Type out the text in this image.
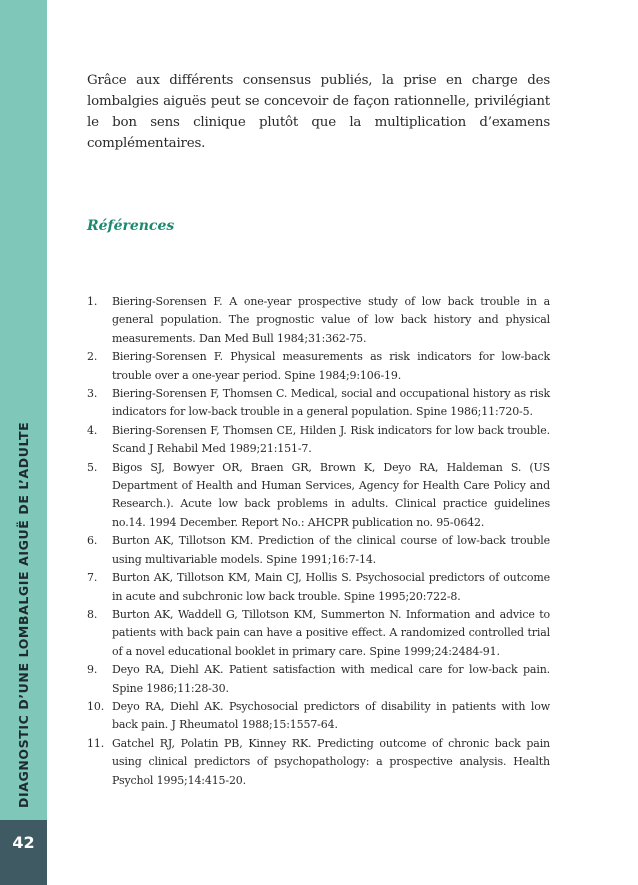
DIAGNOSTIC D’UNE LOMBALGIE AIGUË DE L’ADULTE
42

Grâce aux différents consensus publiés, la prise en charge des lombalgies aiguës peut se concevoir de façon rationnelle, privilégiant le bon sens clinique plutôt que la multiplication d’examens complémentaires.

Références
1. Biering-Sorensen F. A one-year prospective study of low back trouble in a general population. The prognostic value of low back history and physical measurements. Dan Med Bull 1984;31:362-75.
2. Biering-Sorensen F. Physical measurements as risk indicators for low-back trouble over a one-year period. Spine 1984;9:106-19.
3. Biering-Sorensen F, Thomsen C. Medical, social and occupational history as risk indicators for low-back trouble in a general population. Spine 1986;11:720-5.
4. Biering-Sorensen F, Thomsen CE, Hilden J. Risk indicators for low back trouble. Scand J Rehabil Med 1989;21:151-7.
5. Bigos SJ, Bowyer OR, Braen GR, Brown K, Deyo RA, Haldeman S. (US Department of Health and Human Services, Agency for Health Care Policy and Research.). Acute low back problems in adults. Clinical practice guidelines no.14. 1994 December. Report No.: AHCPR publication no. 95-0642.
6. Burton AK, Tillotson KM. Prediction of the clinical course of low-back trouble using multivariable models. Spine 1991;16:7-14.
7. Burton AK, Tillotson KM, Main CJ, Hollis S. Psychosocial predictors of outcome in acute and subchronic low back trouble. Spine 1995;20:722-8.
8. Burton AK, Waddell G, Tillotson KM, Summerton N. Information and advice to patients with back pain can have a positive effect. A randomized controlled trial of a novel educational booklet in primary care. Spine 1999;24:2484-91.
9. Deyo RA, Diehl AK. Patient satisfaction with medical care for low-back pain. Spine 1986;11:28-30.
10. Deyo RA, Diehl AK. Psychosocial predictors of disability in patients with low back pain. J Rheumatol 1988;15:1557-64.
11. Gatchel RJ, Polatin PB, Kinney RK. Predicting outcome of chronic back pain using clinical predictors of psychopathology: a prospective analysis. Health Psychol 1995;14:415-20.
